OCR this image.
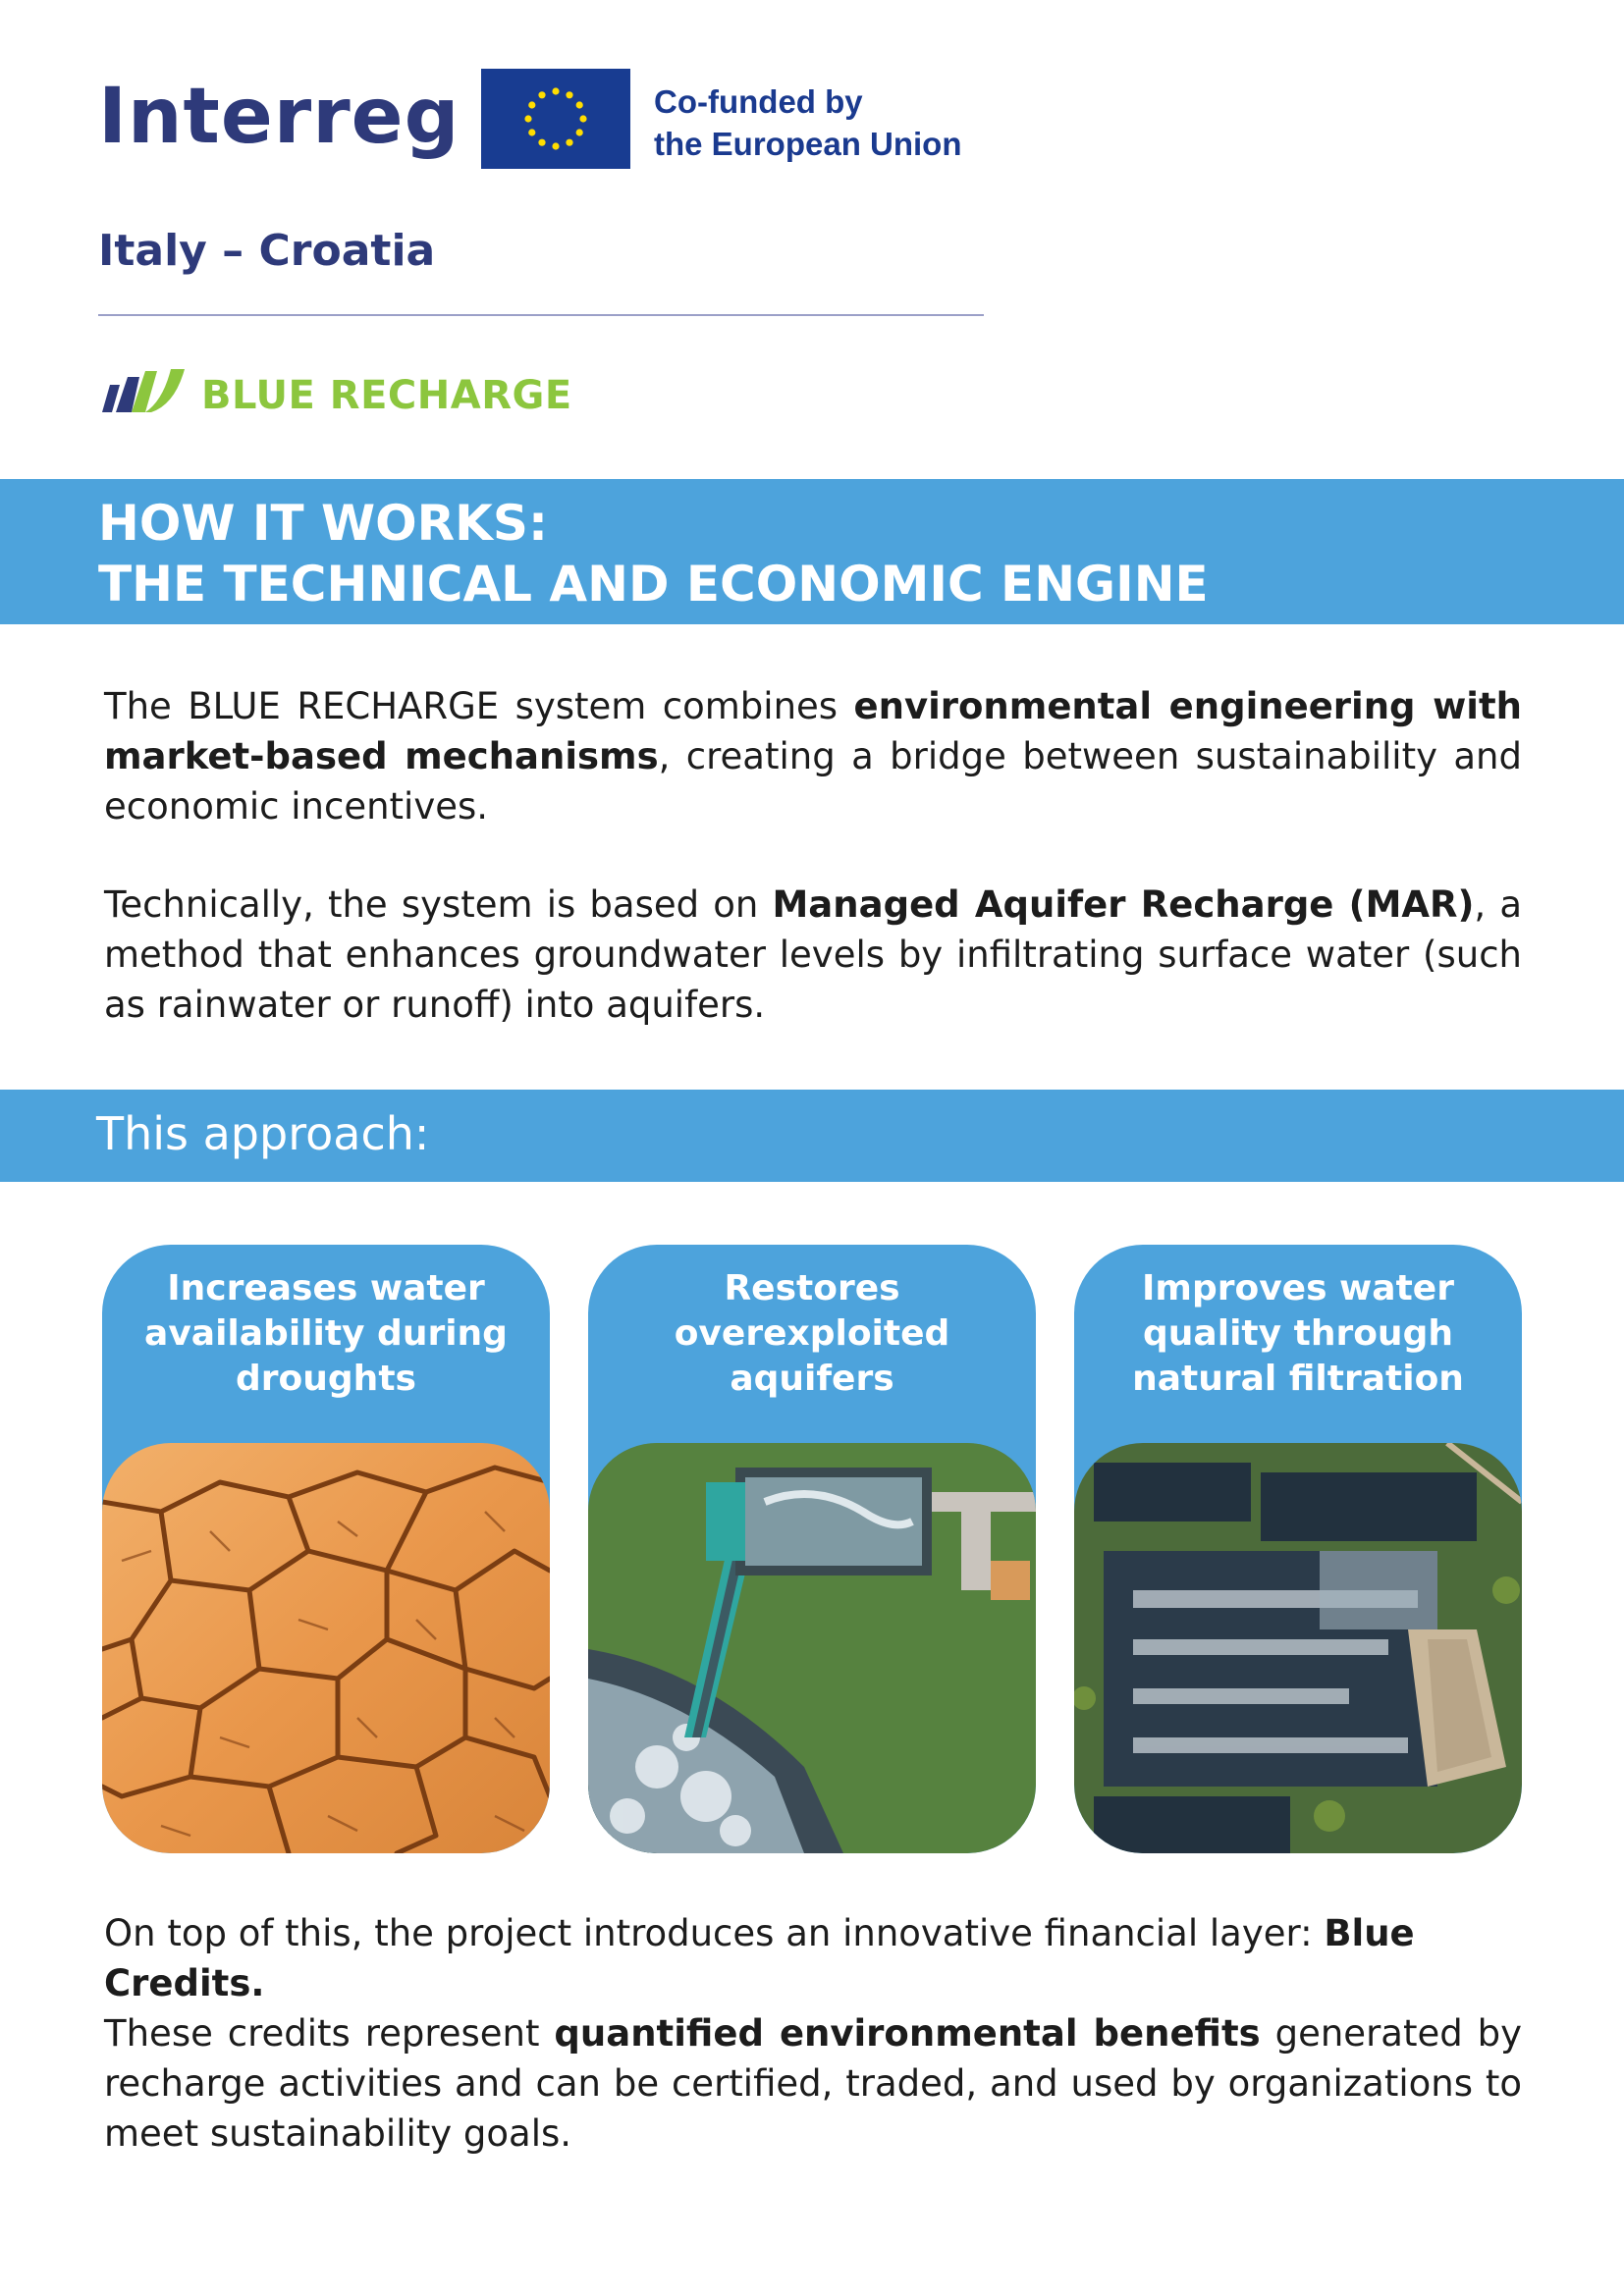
Interreg	Co-funded by
the European Union
Italy – Croatia
BLUE RECHARGE
HOW IT WORKS:
THE TECHNICAL AND ECONOMIC ENGINE

The BLUE RECHARGE system combines environmental engineering with market-based mechanisms, creating a bridge between sustainability and economic incentives.

Technically, the system is based on Managed Aquifer Recharge (MAR), a method that enhances groundwater levels by infiltrating surface water (such as rainwater or runoff) into aquifers.

This approach:
Increases water availability during droughts
Restores overexploited aquifers
Improves water quality through natural filtration

On top of this, the project introduces an innovative financial layer: Blue Credits.

These credits represent quantified environmental benefits generated by recharge activities and can be certified, traded, and used by organizations to meet sustainability goals.
